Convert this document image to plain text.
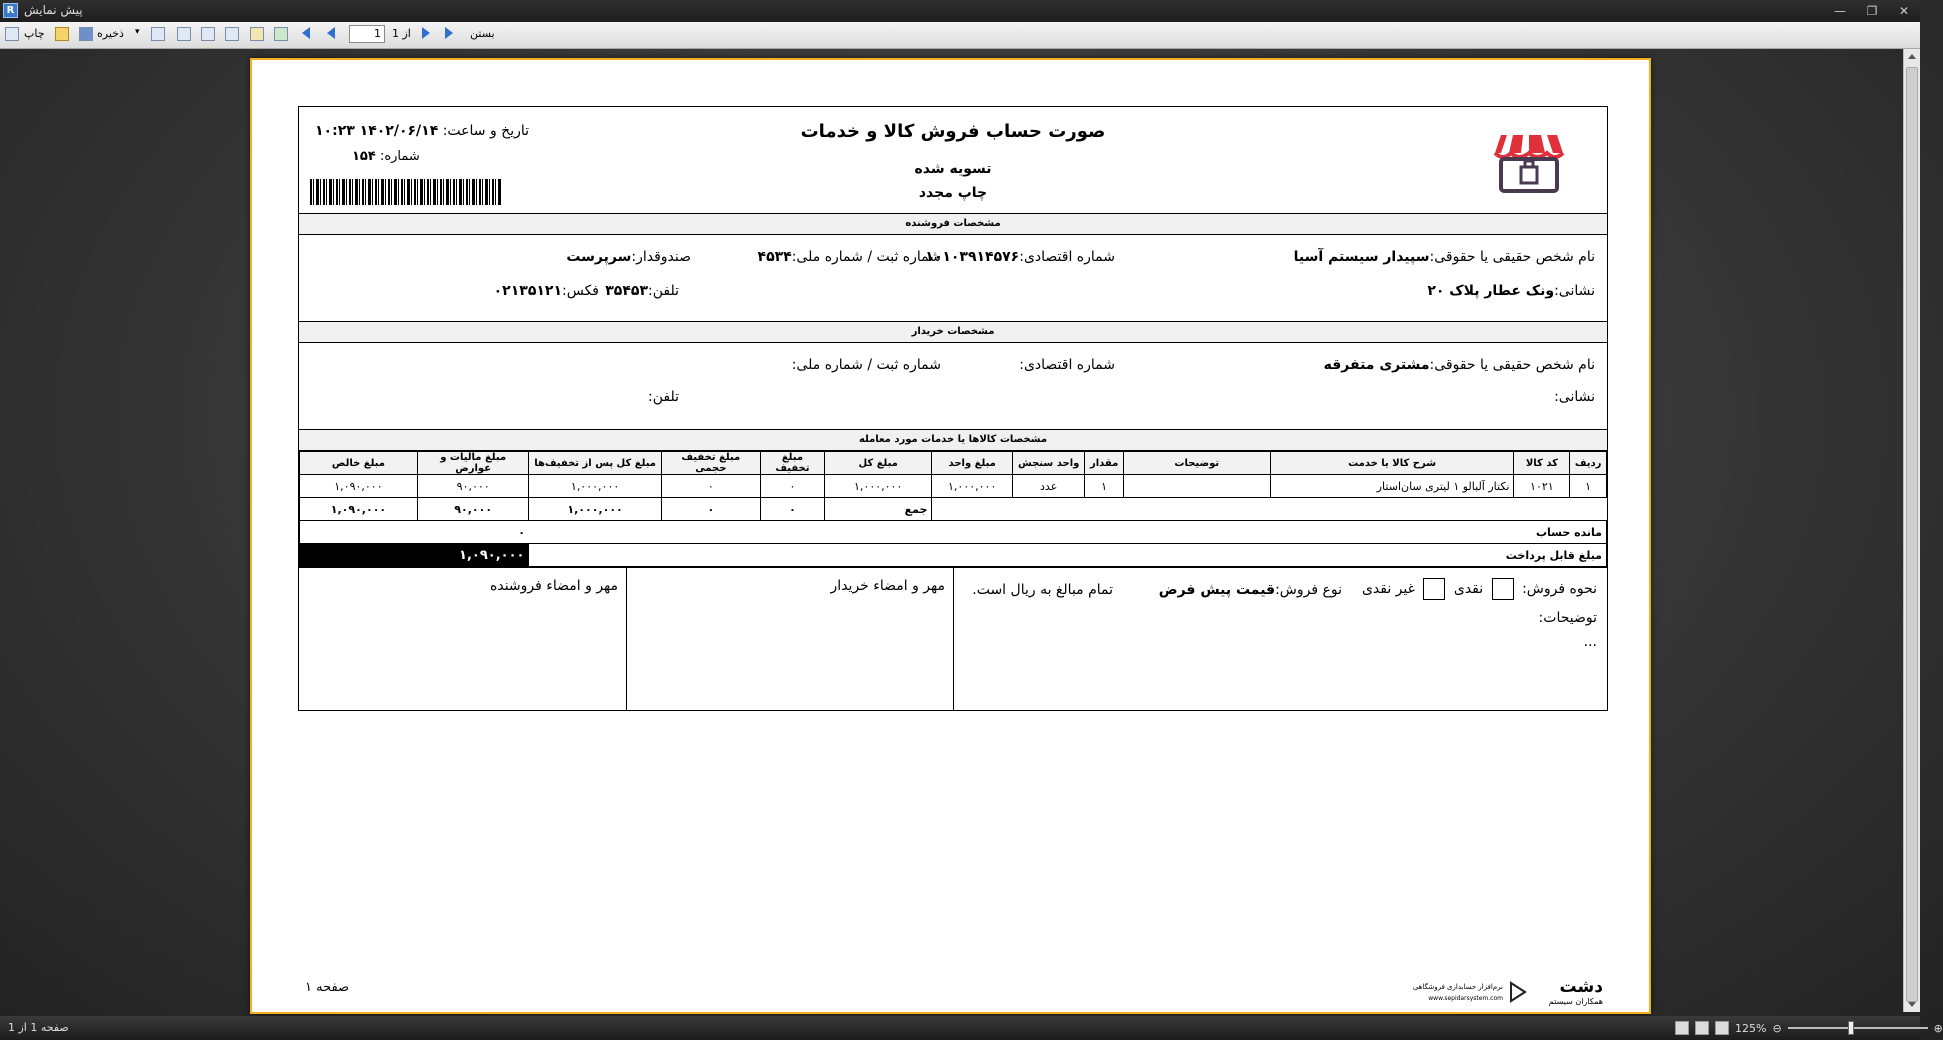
R پیش نمایش	—	❐	✕
چاپ	ذخیره ▾	1	از 1	بستن
صورت حساب فروش کالا و خدمات
تسویه شده
چاپ مجدد
تاریخ و ساعت: ۱۴۰۲/۰۶/۱۴ ۱۰:۲۳
شماره: ۱۵۴
مشخصات فروشنده
نام شخص حقیقی یا حقوقی:سپیدار سیستم آسیا
شماره اقتصادی:۱۰۱۰۳۹۱۴۵۷۶
شماره ثبت / شماره ملی:۴۵۳۴
صندوقدار:سرپرست
نشانی:ونک عطار پلاک ۲۰
تلفن:۳۵۴۵۳
فکس:۰۲۱۳۵۱۲۱
مشخصات خریدار
نام شخص حقیقی یا حقوقی:مشتری متفرقه
شماره اقتصادی:
شماره ثبت / شماره ملی:
نشانی:
تلفن:
مشخصات کالاها یا خدمات مورد معامله
ردیف	کد کالا	شرح کالا یا خدمت	توضیحات	مقدار	واحد سنجش	مبلغ واحد	مبلغ کل	مبلغ تخفیف	مبلغ تخفیف حجمی	مبلغ کل پس از تخفیف‌ها	مبلغ مالیات و عوارض	مبلغ خالص
۱	۱۰۲۱	نکتار آلبالو ۱ لیتری سان‌استار		۱	عدد	۱,۰۰۰,۰۰۰	۱,۰۰۰,۰۰۰	۰	۰	۱,۰۰۰,۰۰۰	۹۰,۰۰۰	۱,۰۹۰,۰۰۰
							جمع	۰	۰	۱,۰۰۰,۰۰۰	۹۰,۰۰۰	۱,۰۹۰,۰۰۰
مانده حساب											۰	
مبلغ قابل پرداخت											۱,۰۹۰,۰۰۰	
نحوه فروش:  نقدی  غیر نقدی
نوع فروش:قیمت پیش فرض
تمام مبالغ به ریال است.
توضیحات:
...
مهر و امضاء خریدار
مهر و امضاء فروشنده
صفحه ۱	دشت
همکاران سیستم
نرم‌افزار حسابداری فروشگاهی
www.sepidarsystem.com
صفحه 1 از 1	125% ⊖	⊕
